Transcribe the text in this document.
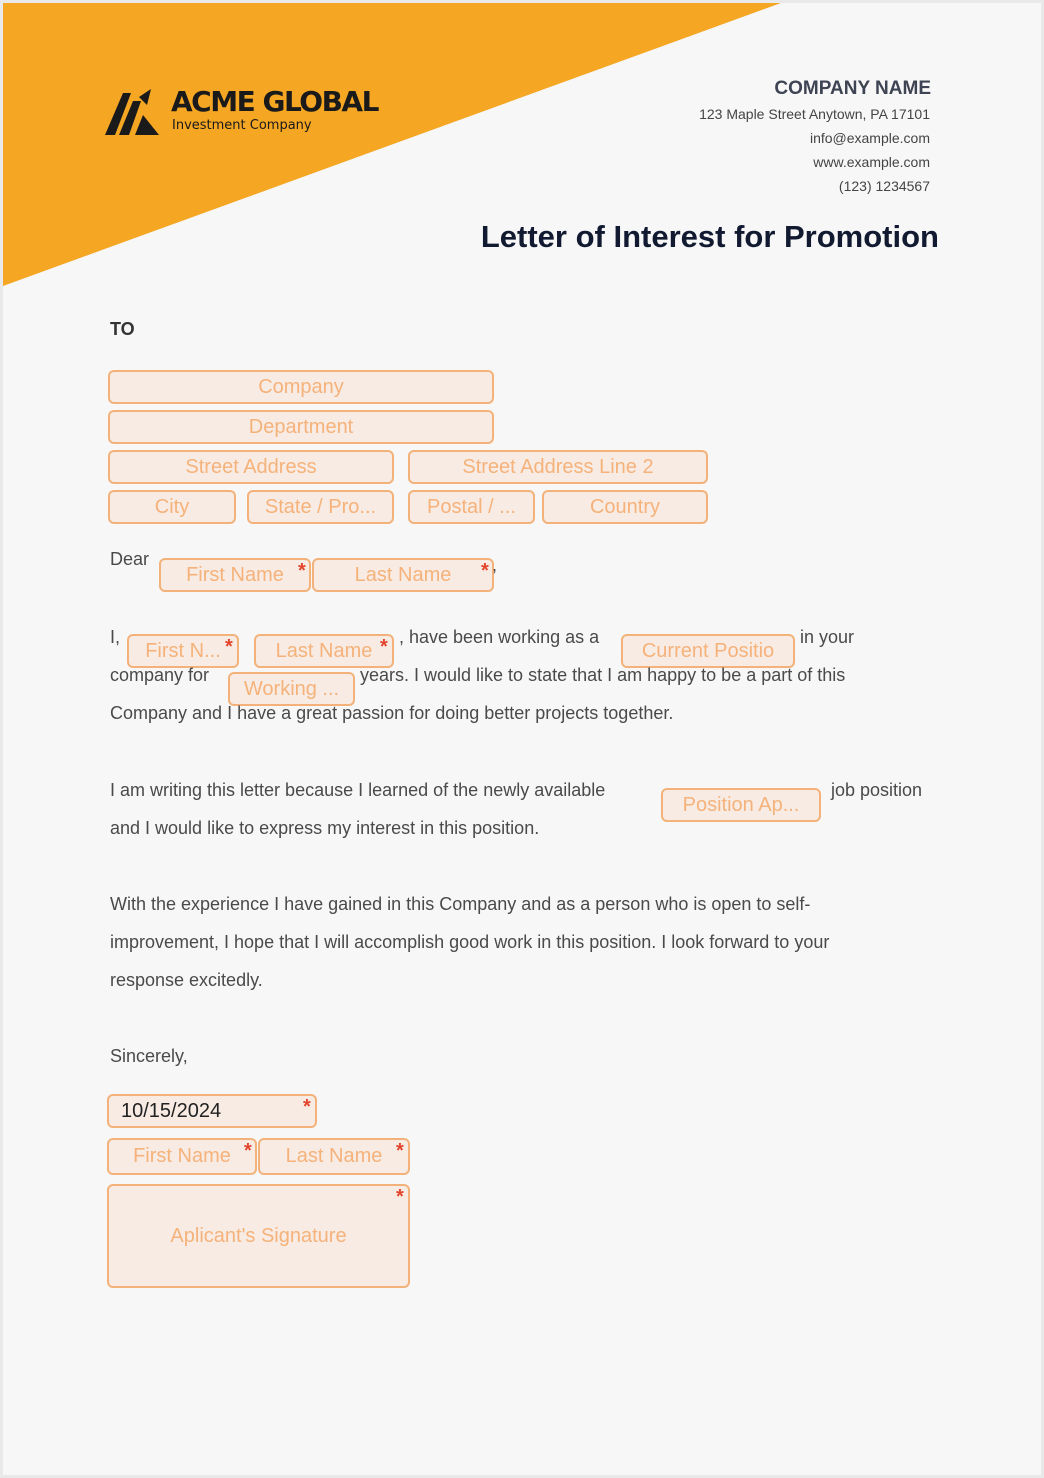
ACME GLOBAL
Investment Company
COMPANY NAME
123 Maple Street Anytown, PA 17101
info@example.com
www.example.com
(123) 1234567
Letter of Interest for Promotion
TO
Company
Department
Street Address	Street Address Line 2
City	State / Pro...	Postal / ...	Country
Dear
First Name *	Last Name	* ,
I,
First N... *	Last Name * , have been working as a
Current Positio
in your
company for
Working ...
years. I would like to state that I am happy to be a part of this
Company and I have a great passion for doing better projects together.
I am writing this letter because I learned of the newly available
Position Ap...
job position
and I would like to express my interest in this position.
With the experience I have gained in this Company and as a person who is open to self-
improvement, I hope that I will accomplish good work in this position. I look forward to your
response excitedly.
Sincerely,
10/15/2024	*
First Name *	Last Name *
Aplicant's Signature
*
